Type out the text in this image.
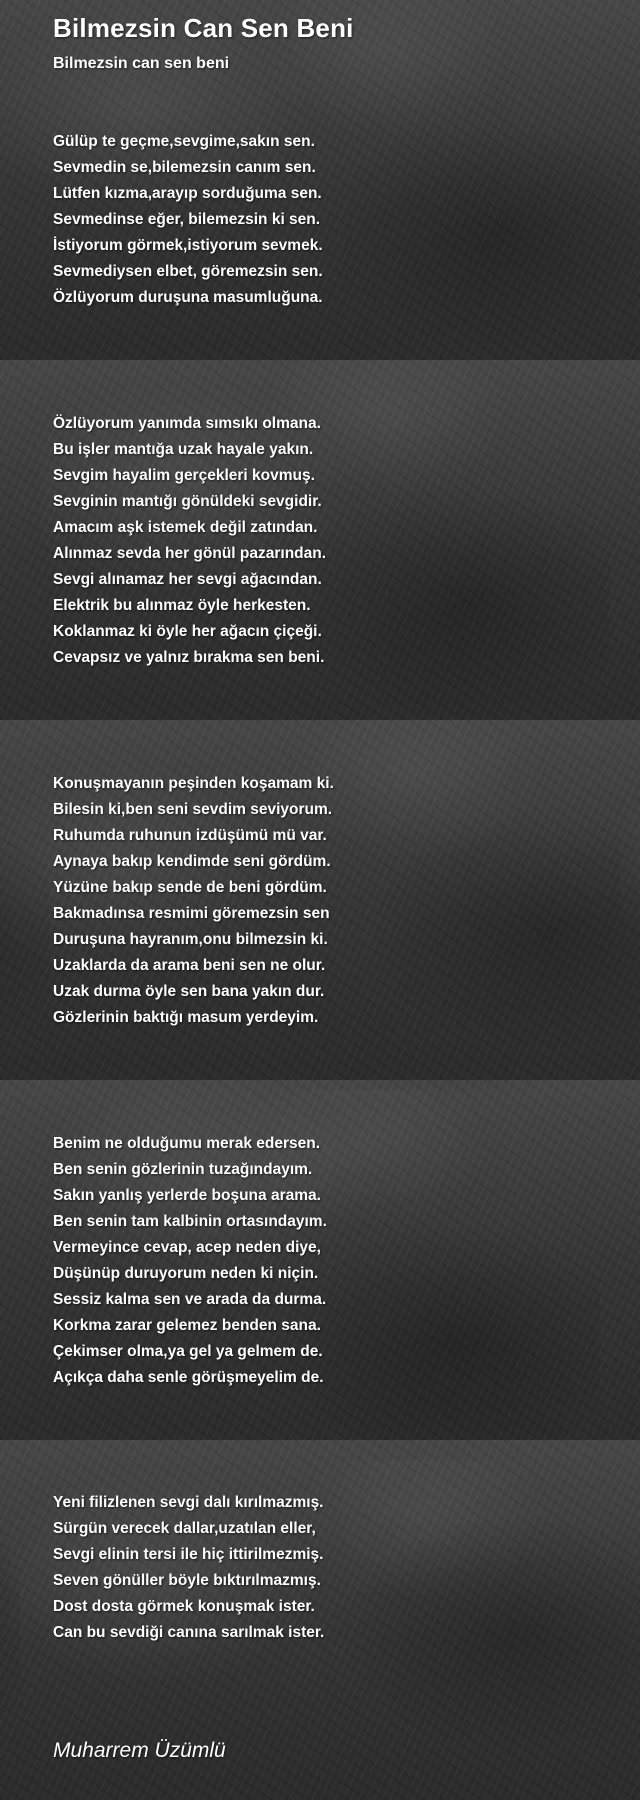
Bilmezsin Can Sen Beni

Bilmezsin can sen beni

Gülüp te geçme,sevgime,sakın sen.
Sevmedin se,bilemezsin canım sen.
Lütfen kızma,arayıp sorduğuma sen.
Sevmedinse eğer, bilemezsin ki sen.
İstiyorum görmek,istiyorum sevmek.
Sevmediysen elbet, göremezsin sen.
Özlüyorum duruşuna masumluğuna.
Özlüyorum yanımda sımsıkı olmana.
Bu işler mantığa uzak hayale yakın.
Sevgim hayalim gerçekleri kovmuş.
Sevginin mantığı gönüldeki sevgidir.
Amacım aşk istemek değil zatından.
Alınmaz sevda her gönül pazarından.
Sevgi alınamaz her sevgi ağacından.
Elektrik bu alınmaz öyle herkesten.
Koklanmaz ki öyle her ağacın çiçeği.
Cevapsız ve yalnız bırakma sen beni.
Konuşmayanın peşinden koşamam ki.
Bilesin ki,ben seni sevdim seviyorum.
Ruhumda ruhunun izdüşümü mü var.
Aynaya bakıp kendimde seni gördüm.
Yüzüne bakıp sende de beni gördüm.
Bakmadınsa resmimi göremezsin sen
Duruşuna hayranım,onu bilmezsin ki.
Uzaklarda da arama beni sen ne olur.
Uzak durma öyle sen bana yakın dur.
Gözlerinin baktığı masum yerdeyim.
Benim ne olduğumu merak edersen.
Ben senin gözlerinin tuzağındayım.
Sakın yanlış yerlerde boşuna arama.
Ben senin tam kalbinin ortasındayım.
Vermeyince cevap, acep neden diye,
Düşünüp duruyorum neden ki niçin.
Sessiz kalma sen ve arada da durma.
Korkma zarar gelemez benden sana.
Çekimser olma,ya gel ya gelmem de.
Açıkça daha senle görüşmeyelim de.
Yeni filizlenen sevgi dalı kırılmazmış.
Sürgün verecek dallar,uzatılan eller,
Sevgi elinin tersi ile hiç ittirilmezmiş.
Seven gönüller böyle bıktırılmazmış.
Dost dosta görmek konuşmak ister.
Can bu sevdiği canına sarılmak ister.

Muharrem Üzümlü
